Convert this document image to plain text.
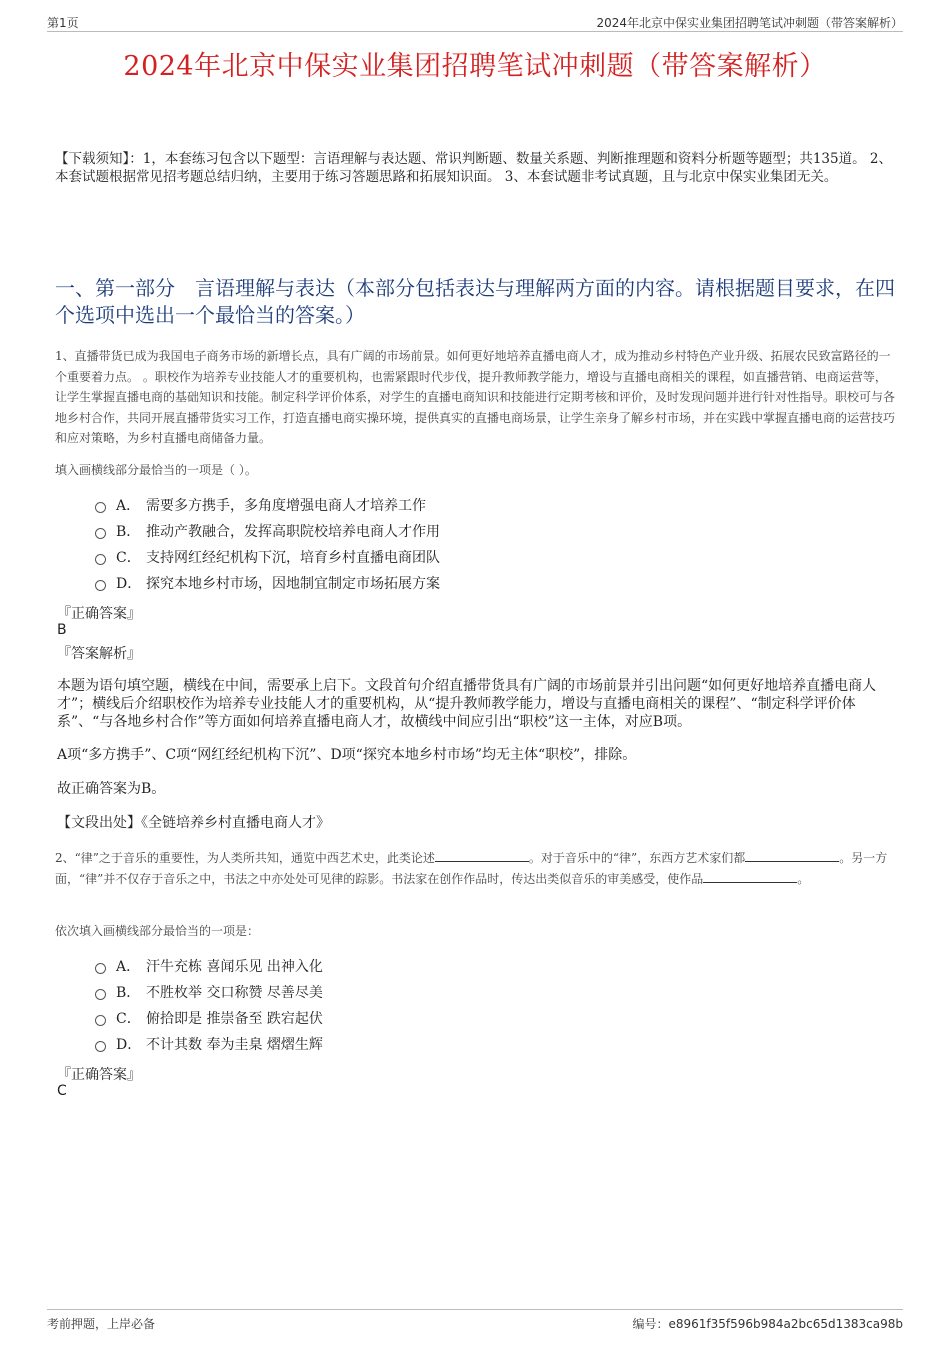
第1页	2024年北京中保实业集团招聘笔试冲刺题（带答案解析）
2024年北京中保实业集团招聘笔试冲刺题（带答案解析）
【下载须知】：1，本套练习包含以下题型：言语理解与表达题、常识判断题、数量关系题、判断推理题和资料分析题等题型；共135道。 2、本套试题根据常见招考题总结归纳，主要用于练习答题思路和拓展知识面。 3、本套试题非考试真题，且与北京中保实业集团无关。
一、第一部分　言语理解与表达（本部分包括表达与理解两方面的内容。请根据题目要求，在四个选项中选出一个最恰当的答案。）
1、直播带货已成为我国电子商务市场的新增长点，具有广阔的市场前景。如何更好地培养直播电商人才，成为推动乡村特色产业升级、拓展农民致富路径的一个重要着力点。 。职校作为培养专业技能人才的重要机构，也需紧跟时代步伐，提升教师教学能力，增设与直播电商相关的课程，如直播营销、电商运营等，让学生掌握直播电商的基础知识和技能。制定科学评价体系，对学生的直播电商知识和技能进行定期考核和评价，及时发现问题并进行针对性指导。职校可与各地乡村合作，共同开展直播带货实习工作，打造直播电商实操环境，提供真实的直播电商场景，让学生亲身了解乡村市场，并在实践中掌握直播电商的运营技巧和应对策略，为乡村直播电商储备力量。
填入画横线部分最恰当的一项是（ ）。
A． 需要多方携手，多角度增强电商人才培养工作
B． 推动产教融合，发挥高职院校培养电商人才作用
C． 支持网红经纪机构下沉，培育乡村直播电商团队
D． 探究本地乡村市场，因地制宜制定市场拓展方案
『正确答案』
B
『答案解析』
本题为语句填空题，横线在中间，需要承上启下。文段首句介绍直播带货具有广阔的市场前景并引出问题“如何更好地培养直播电商人才”；横线后介绍职校作为培养专业技能人才的重要机构，从“提升教师教学能力，增设与直播电商相关的课程”、“制定科学评价体系”、“与各地乡村合作”等方面如何培养直播电商人才，故横线中间应引出“职校”这一主体，对应B项。
A项“多方携手”、C项“网红经纪机构下沉”、D项“探究本地乡村市场”均无主体“职校”，排除。
故正确答案为B。
【文段出处】《全链培养乡村直播电商人才》
2、“律”之于音乐的重要性，为人类所共知，通览中西艺术史，此类论述	。对于音乐中的“律”，东西方艺术家们都	。另一方面，“律”并不仅存于音乐之中，书法之中亦处处可见律的踪影。书法家在创作作品时，传达出类似音乐的审美感受，使作品	。
依次填入画横线部分最恰当的一项是：
A． 汗牛充栋 喜闻乐见 出神入化
B． 不胜枚举 交口称赞 尽善尽美
C． 俯拾即是 推崇备至 跌宕起伏
D． 不计其数 奉为圭臬 熠熠生辉
『正确答案』
C
考前押题，上岸必备	编号：e8961f35f596b984a2bc65d1383ca98b
